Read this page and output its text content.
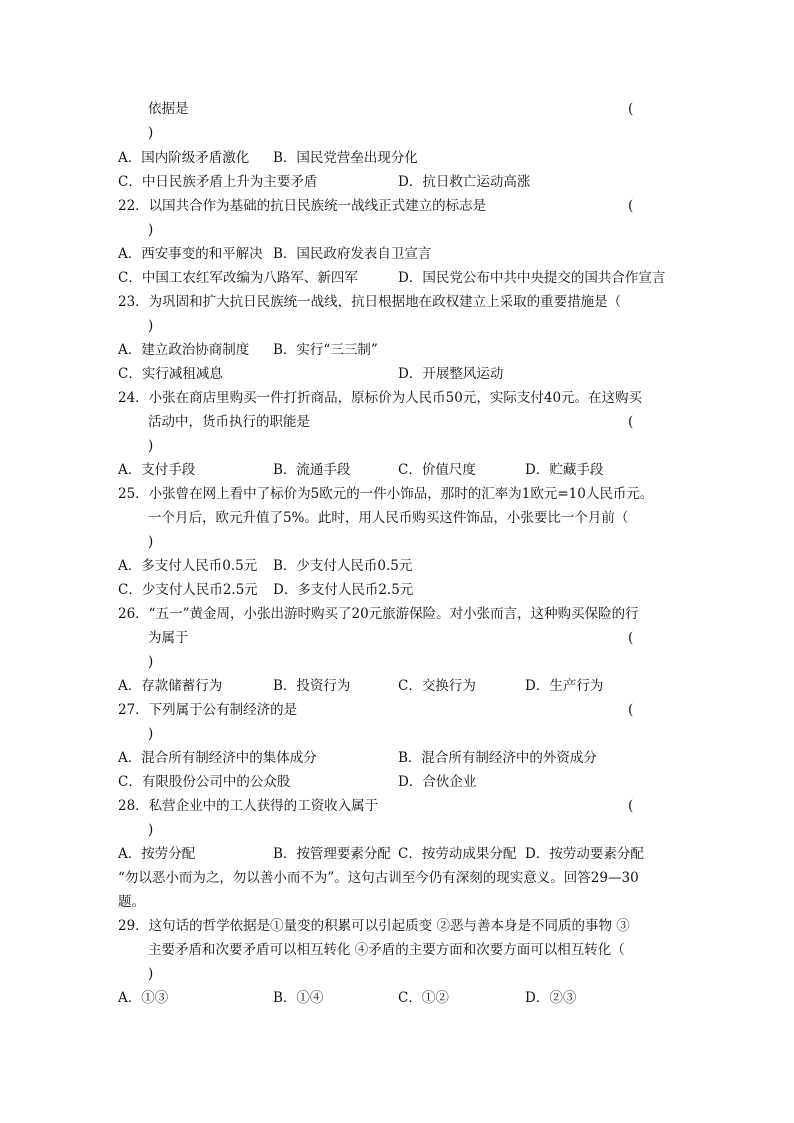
依据是	(
)
A．国内阶级矛盾激化 B．国民党营垒出现分化
C．中日民族矛盾上升为主要矛盾	D．抗日救亡运动高涨
22．以国共合作为基础的抗日民族统一战线正式建立的标志是	(
)
A．西安事变的和平解决 B．国民政府发表自卫宣言
C．中国工农红军改编为八路军、新四军	D．国民党公布中共中央提交的国共合作宣言
23．为巩固和扩大抗日民族统一战线，抗日根据地在政权建立上采取的重要措施是（
)
A．建立政治协商制度 B．实行“三三制”
C．实行减租减息	D．开展整风运动
24．小张在商店里购买一件打折商品，原标价为人民币50元，实际支付40元。在这购买
活动中，货币执行的职能是	(
)
A．支付手段	B．流通手段	C．价值尺度	D．贮藏手段
25．小张曾在网上看中了标价为5欧元的一件小饰品，那时的汇率为1欧元=10人民币元。
一个月后，欧元升值了5%。此时，用人民币购买这件饰品，小张要比一个月前（
)
A．多支付人民币0.5元 B．少支付人民币0.5元
C．少支付人民币2.5元 D．多支付人民币2.5元
26．“五一”黄金周，小张出游时购买了20元旅游保险。对小张而言，这种购买保险的行
为属于	(
)
A．存款储蓄行为	B．投资行为	C．交换行为	D．生产行为
27．下列属于公有制经济的是	(
)
A．混合所有制经济中的集体成分	B．混合所有制经济中的外资成分
C．有限股份公司中的公众股	D．合伙企业
28．私营企业中的工人获得的工资收入属于	(
)
A．按劳分配	B．按管理要素分配 C．按劳动成果分配 D．按劳动要素分配
“勿以恶小而为之，勿以善小而不为”。这句古训至今仍有深刻的现实意义。回答29—30
题。
29．这句话的哲学依据是①量变的积累可以引起质变 ②恶与善本身是不同质的事物 ③
主要矛盾和次要矛盾可以相互转化 ④矛盾的主要方面和次要方面可以相互转化（
)
A．①③	B．①④	C．①②	D．②③
